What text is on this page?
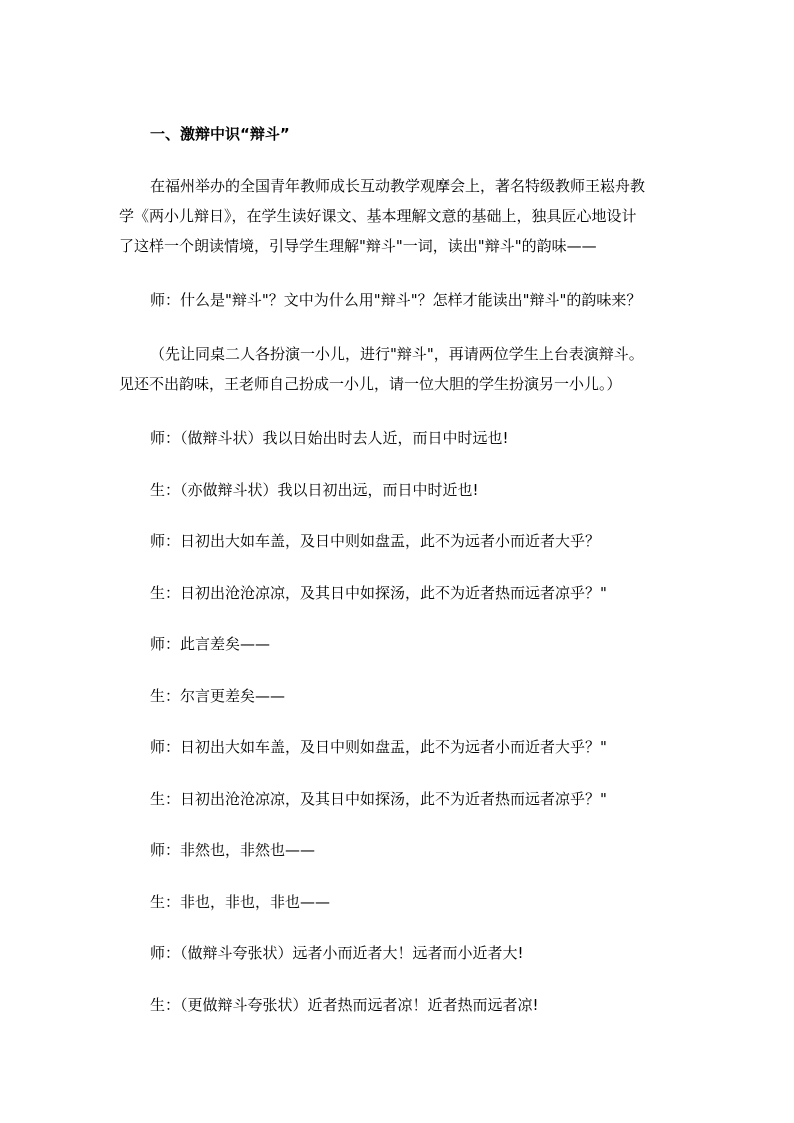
一、激辩中识“辩斗”
在福州举办的全国青年教师成长互动教学观摩会上，著名特级教师王崧舟教
学《两小儿辩日》，在学生读好课文、基本理解文意的基础上，独具匠心地设计
了这样一个朗读情境，引导学生理解"辩斗"一词，读出"辩斗"的韵味——
师：什么是"辩斗"？文中为什么用"辩斗"？怎样才能读出"辩斗"的韵味来？
（先让同桌二人各扮演一小儿，进行"辩斗"，再请两位学生上台表演辩斗。
见还不出韵味，王老师自己扮成一小儿，请一位大胆的学生扮演另一小儿。）
师：（做辩斗状）我以日始出时去人近，而日中时远也!
生：（亦做辩斗状）我以日初出远，而日中时近也!
师：日初出大如车盖，及日中则如盘盂，此不为远者小而近者大乎？
生：日初出沧沧凉凉，及其日中如探汤，此不为近者热而远者凉乎？"
师：此言差矣——
生：尔言更差矣——
师：日初出大如车盖，及日中则如盘盂，此不为远者小而近者大乎？"
生：日初出沧沧凉凉，及其日中如探汤，此不为近者热而远者凉乎？"
师：非然也，非然也——
生：非也，非也，非也——
师：（做辩斗夸张状）远者小而近者大！远者而小近者大!
生：（更做辩斗夸张状）近者热而远者凉！近者热而远者凉!
